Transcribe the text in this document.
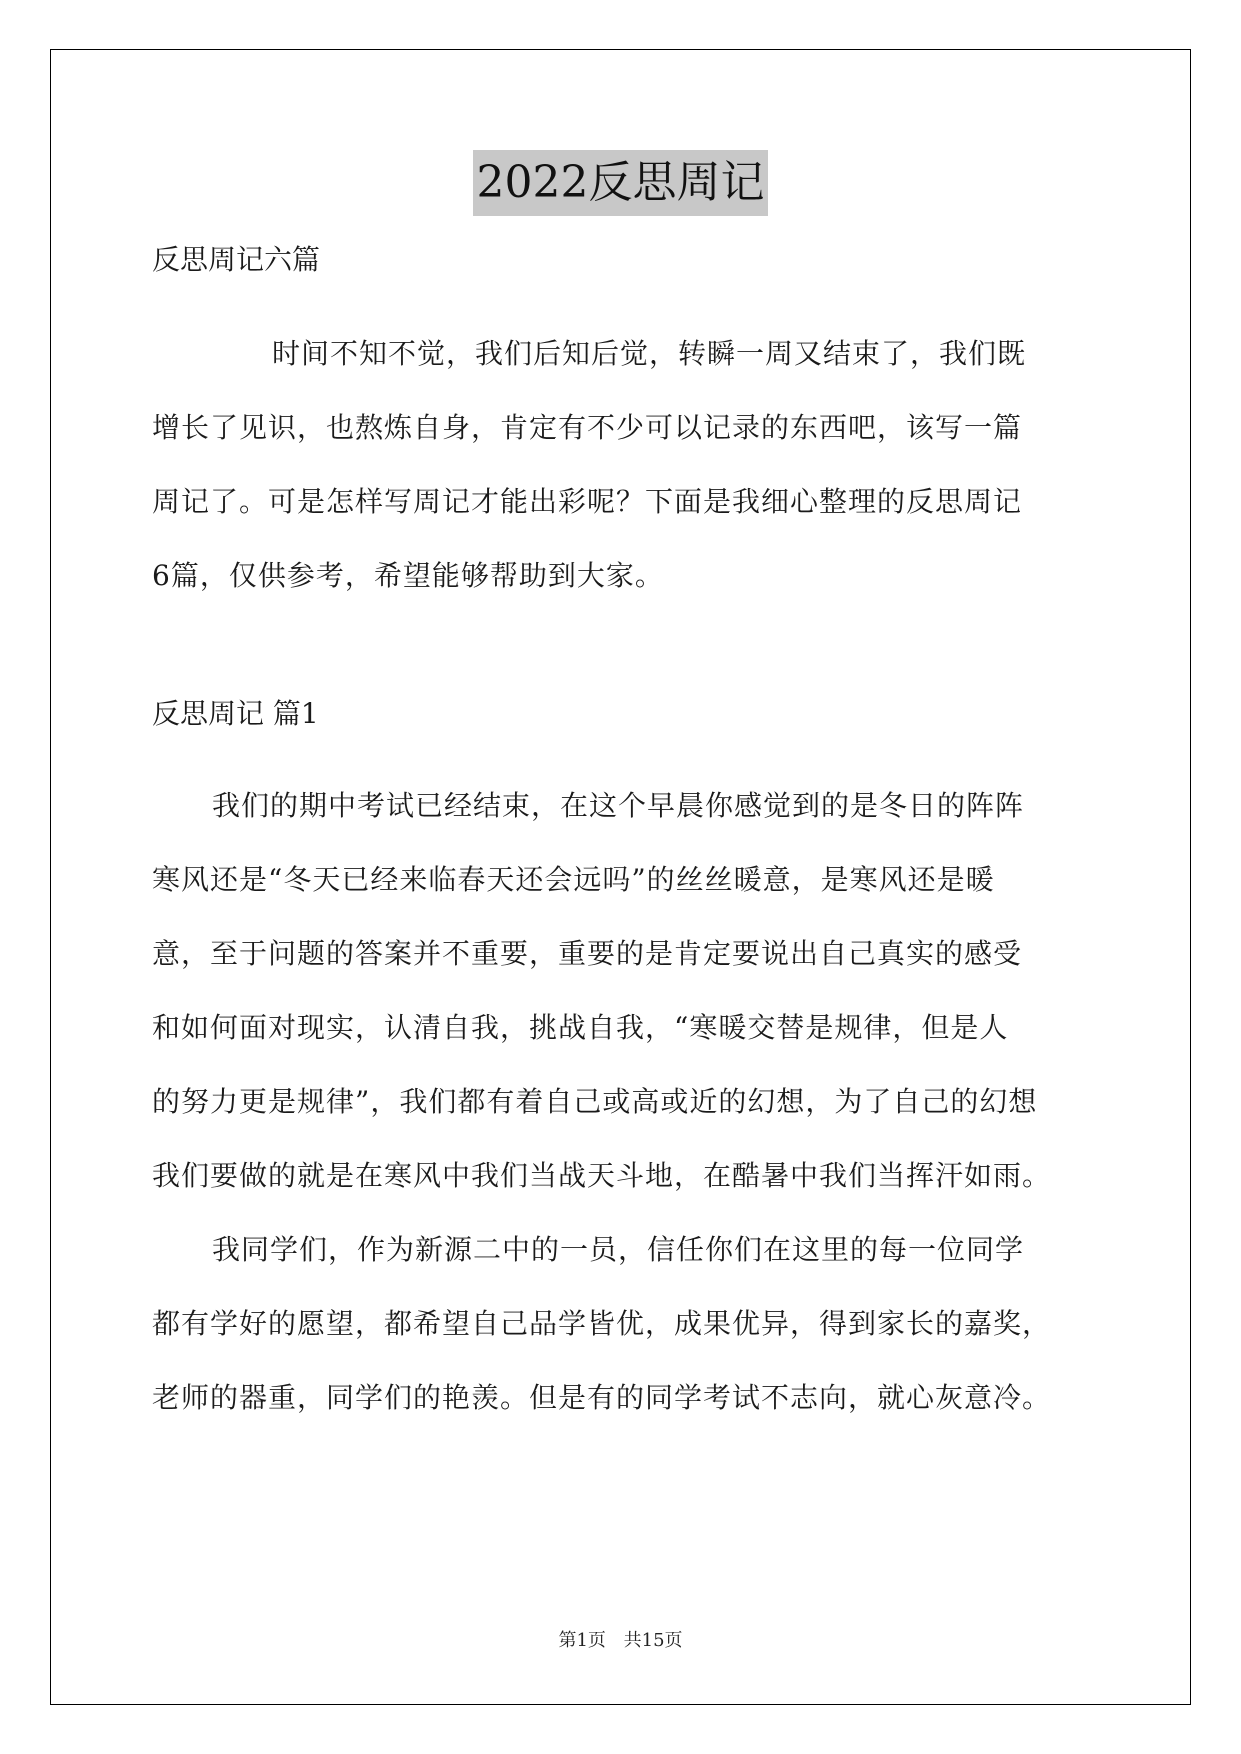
2022反思周记

反思周记六篇

时间不知不觉，我们后知后觉，转瞬一周又结束了，我们既
增长了见识，也熬炼自身，肯定有不少可以记录的东西吧，该写一篇
周记了。可是怎样写周记才能出彩呢？下面是我细心整理的反思周记
6篇，仅供参考，希望能够帮助到大家。

反思周记 篇1

我们的期中考试已经结束，在这个早晨你感觉到的是冬日的阵阵
寒风还是“冬天已经来临春天还会远吗”的丝丝暖意，是寒风还是暖
意，至于问题的答案并不重要，重要的是肯定要说出自己真实的感受
和如何面对现实，认清自我，挑战自我，“寒暖交替是规律，但是人
的努力更是规律”，我们都有着自己或高或近的幻想，为了自己的幻想
我们要做的就是在寒风中我们当战天斗地，在酷暑中我们当挥汗如雨。
我同学们，作为新源二中的一员，信任你们在这里的每一位同学
都有学好的愿望，都希望自己品学皆优，成果优异，得到家长的嘉奖，
老师的器重，同学们的艳羡。但是有的同学考试不志向，就心灰意冷。
第1页 共15页
